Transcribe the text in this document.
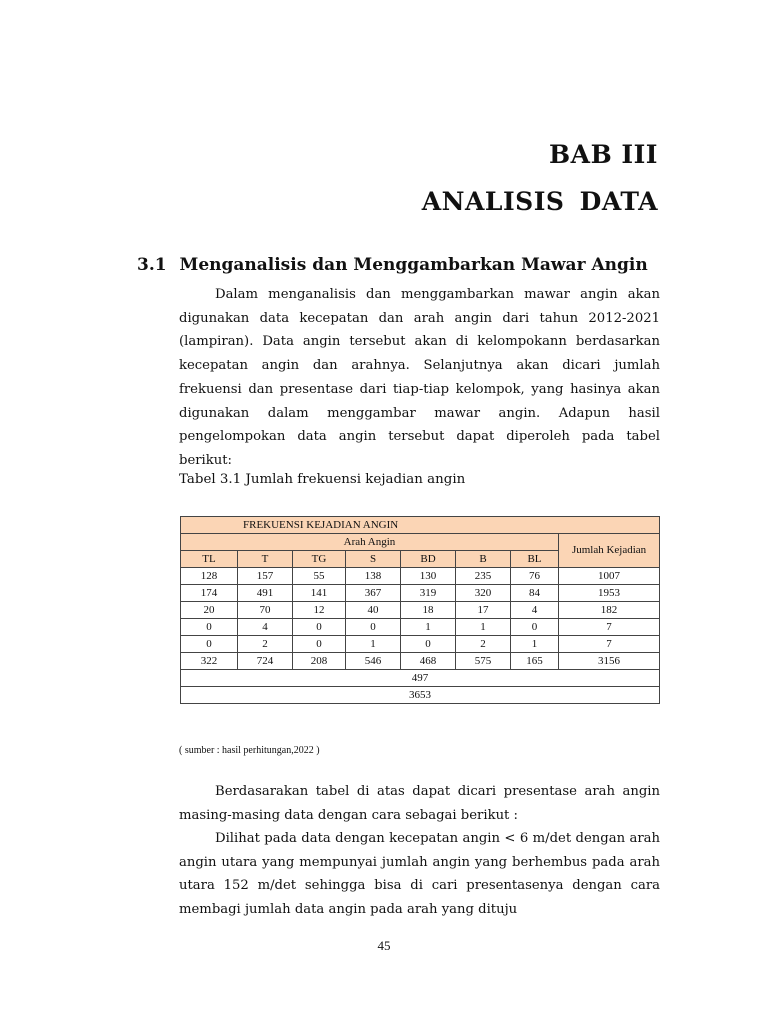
BAB III
ANALISIS DATA
3.1 Menganalisis dan Menggambarkan Mawar Angin

Dalam menganalisis dan menggambarkan mawar angin akan digunakan data kecepatan dan arah angin dari tahun 2012-2021 (lampiran). Data angin tersebut akan di kelompokann berdasarkan kecepatan angin dan arahnya. Selanjutnya akan dicari jumlah frekuensi dan presentase dari tiap-tiap kelompok, yang hasinya akan digunakan dalam menggambar mawar angin. Adapun hasil pengelompokan data angin tersebut dapat diperoleh pada tabel berikut:

Tabel 3.1 Jumlah frekuensi kejadian angin
FREKUENSI KEJADIAN ANGIN							
Arah Angin							Jumlah Kejadian
TL	T	TG	S	BD	B	BL	
128	157	55	138	130	235	76	1007
174	491	141	367	319	320	84	1953
20	70	12	40	18	17	4	182
0	4	0	0	1	1	0	7
0	2	0	1	0	2	1	7
322	724	208	546	468	575	165	3156
497							
3653							
( sumber : hasil perhitungan,2022 )

Berdasarakan tabel di atas dapat dicari presentase arah angin masing-masing data dengan cara sebagai berikut :

Dilihat pada data dengan kecepatan angin < 6 m/det dengan arah angin utara yang mempunyai jumlah angin yang berhembus pada arah utara 152 m/det sehingga bisa di cari presentasenya dengan cara membagi jumlah data angin pada arah yang dituju

45
